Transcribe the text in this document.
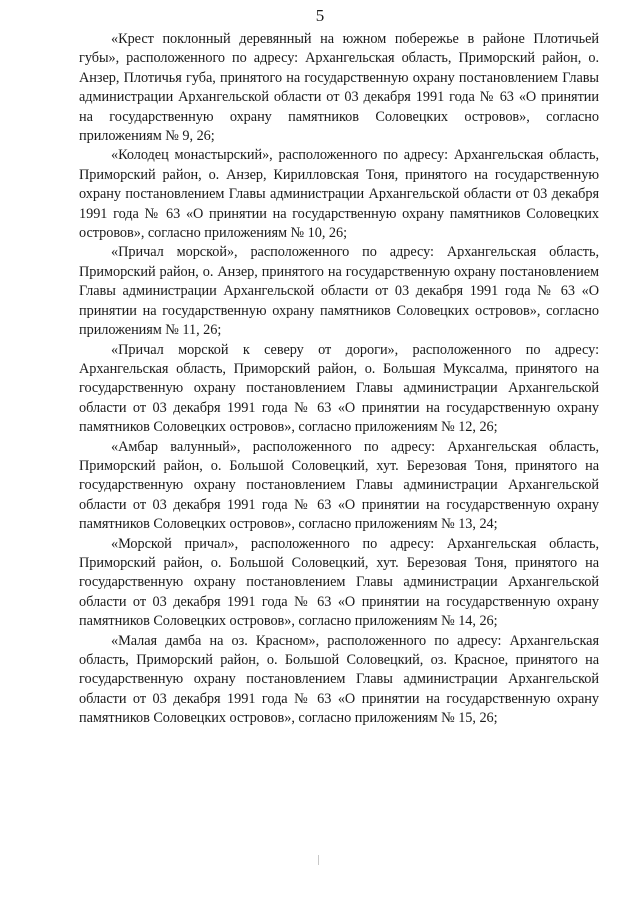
5

«Крест поклонный деревянный на южном побережье в районе Плотичьей губы», расположенного по адресу: Архангельская область, Приморский район, о. Анзер, Плотичья губа, принятого на государственную охрану постановлением Главы администрации Архангельской области от 03 декабря 1991 года № 63 «О принятии на государственную охрану памятников Соловецких островов», согласно приложениям № 9, 26;

«Колодец монастырский», расположенного по адресу: Архангельская область, Приморский район, о. Анзер, Кирилловская Тоня, принятого на государственную охрану постановлением Главы администрации Архангельской области от 03 декабря 1991 года № 63 «О принятии на государственную охрану памятников Соловецких островов», согласно приложениям № 10, 26;

«Причал морской», расположенного по адресу: Архангельская область, Приморский район, о. Анзер, принятого на государственную охрану постановлением Главы администрации Архангельской области от 03 декабря 1991 года № 63 «О принятии на государственную охрану памятников Соловецких островов», согласно приложениям № 11, 26;

«Причал морской к северу от дороги», расположенного по адресу: Архангельская область, Приморский район, о. Большая Муксалма, принятого на государственную охрану постановлением Главы администрации Архангельской области от 03 декабря 1991 года № 63 «О принятии на государственную охрану памятников Соловецких островов», согласно приложениям № 12, 26;

«Амбар валунный», расположенного по адресу: Архангельская область, Приморский район, о. Большой Соловецкий, хут. Березовая Тоня, принятого на государственную охрану постановлением Главы администрации Архангельской области от 03 декабря 1991 года № 63 «О принятии на государственную охрану памятников Соловецких островов», согласно приложениям № 13, 24;

«Морской причал», расположенного по адресу: Архангельская область, Приморский район, о. Большой Соловецкий, хут. Березовая Тоня, принятого на государственную охрану постановлением Главы администрации Архангельской области от 03 декабря 1991 года № 63 «О принятии на государственную охрану памятников Соловецких островов», согласно приложениям № 14, 26;

«Малая дамба на оз. Красном», расположенного по адресу: Архангельская область, Приморский район, о. Большой Соловецкий, оз. Красное, принятого на государственную охрану постановлением Главы администрации Архангельской области от 03 декабря 1991 года № 63 «О принятии на государственную охрану памятников Соловецких островов», согласно приложениям № 15, 26;
